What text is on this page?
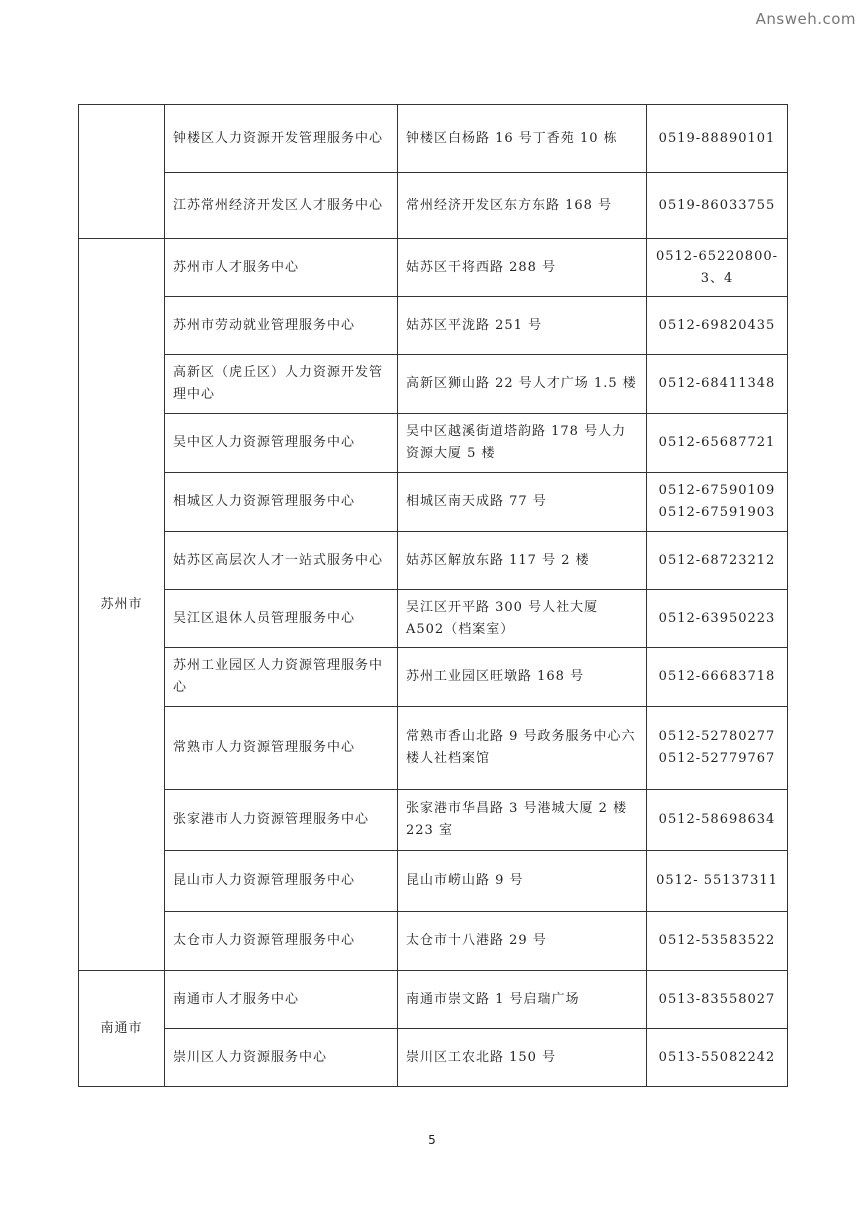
Answeh.com
	钟楼区人力资源开发管理服务中心	钟楼区白杨路 16 号丁香苑 10 栋	0519-88890101
	江苏常州经济开发区人才服务中心	常州经济开发区东方东路 168 号	0519-86033755
苏州市	苏州市人才服务中心	姑苏区干将西路 288 号	0512-65220800-3、4
	苏州市劳动就业管理服务中心	姑苏区平泷路 251 号	0512-69820435
	高新区（虎丘区）人力资源开发管理中心	高新区狮山路 22 号人才广场 1.5 楼	0512-68411348
	吴中区人力资源管理服务中心	吴中区越溪街道塔韵路 178 号人力资源大厦 5 楼	0512-65687721
	相城区人力资源管理服务中心	相城区南天成路 77 号	0512-67590109
0512-67591903
	姑苏区高层次人才一站式服务中心	姑苏区解放东路 117 号 2 楼	0512-68723212
	吴江区退休人员管理服务中心	吴江区开平路 300 号人社大厦 A502（档案室）	0512-63950223
	苏州工业园区人力资源管理服务中心	苏州工业园区旺墩路 168 号	0512-66683718
	常熟市人力资源管理服务中心	常熟市香山北路 9 号政务服务中心六楼人社档案馆	0512-52780277
0512-52779767
	张家港市人力资源管理服务中心	张家港市华昌路 3 号港城大厦 2 楼 223 室	0512-58698634
	昆山市人力资源管理服务中心	昆山市崂山路 9 号	0512- 55137311
	太仓市人力资源管理服务中心	太仓市十八港路 29 号	0512-53583522
南通市	南通市人才服务中心	南通市崇文路 1 号启瑞广场	0513-83558027
	崇川区人力资源服务中心	崇川区工农北路 150 号	0513-55082242
5
